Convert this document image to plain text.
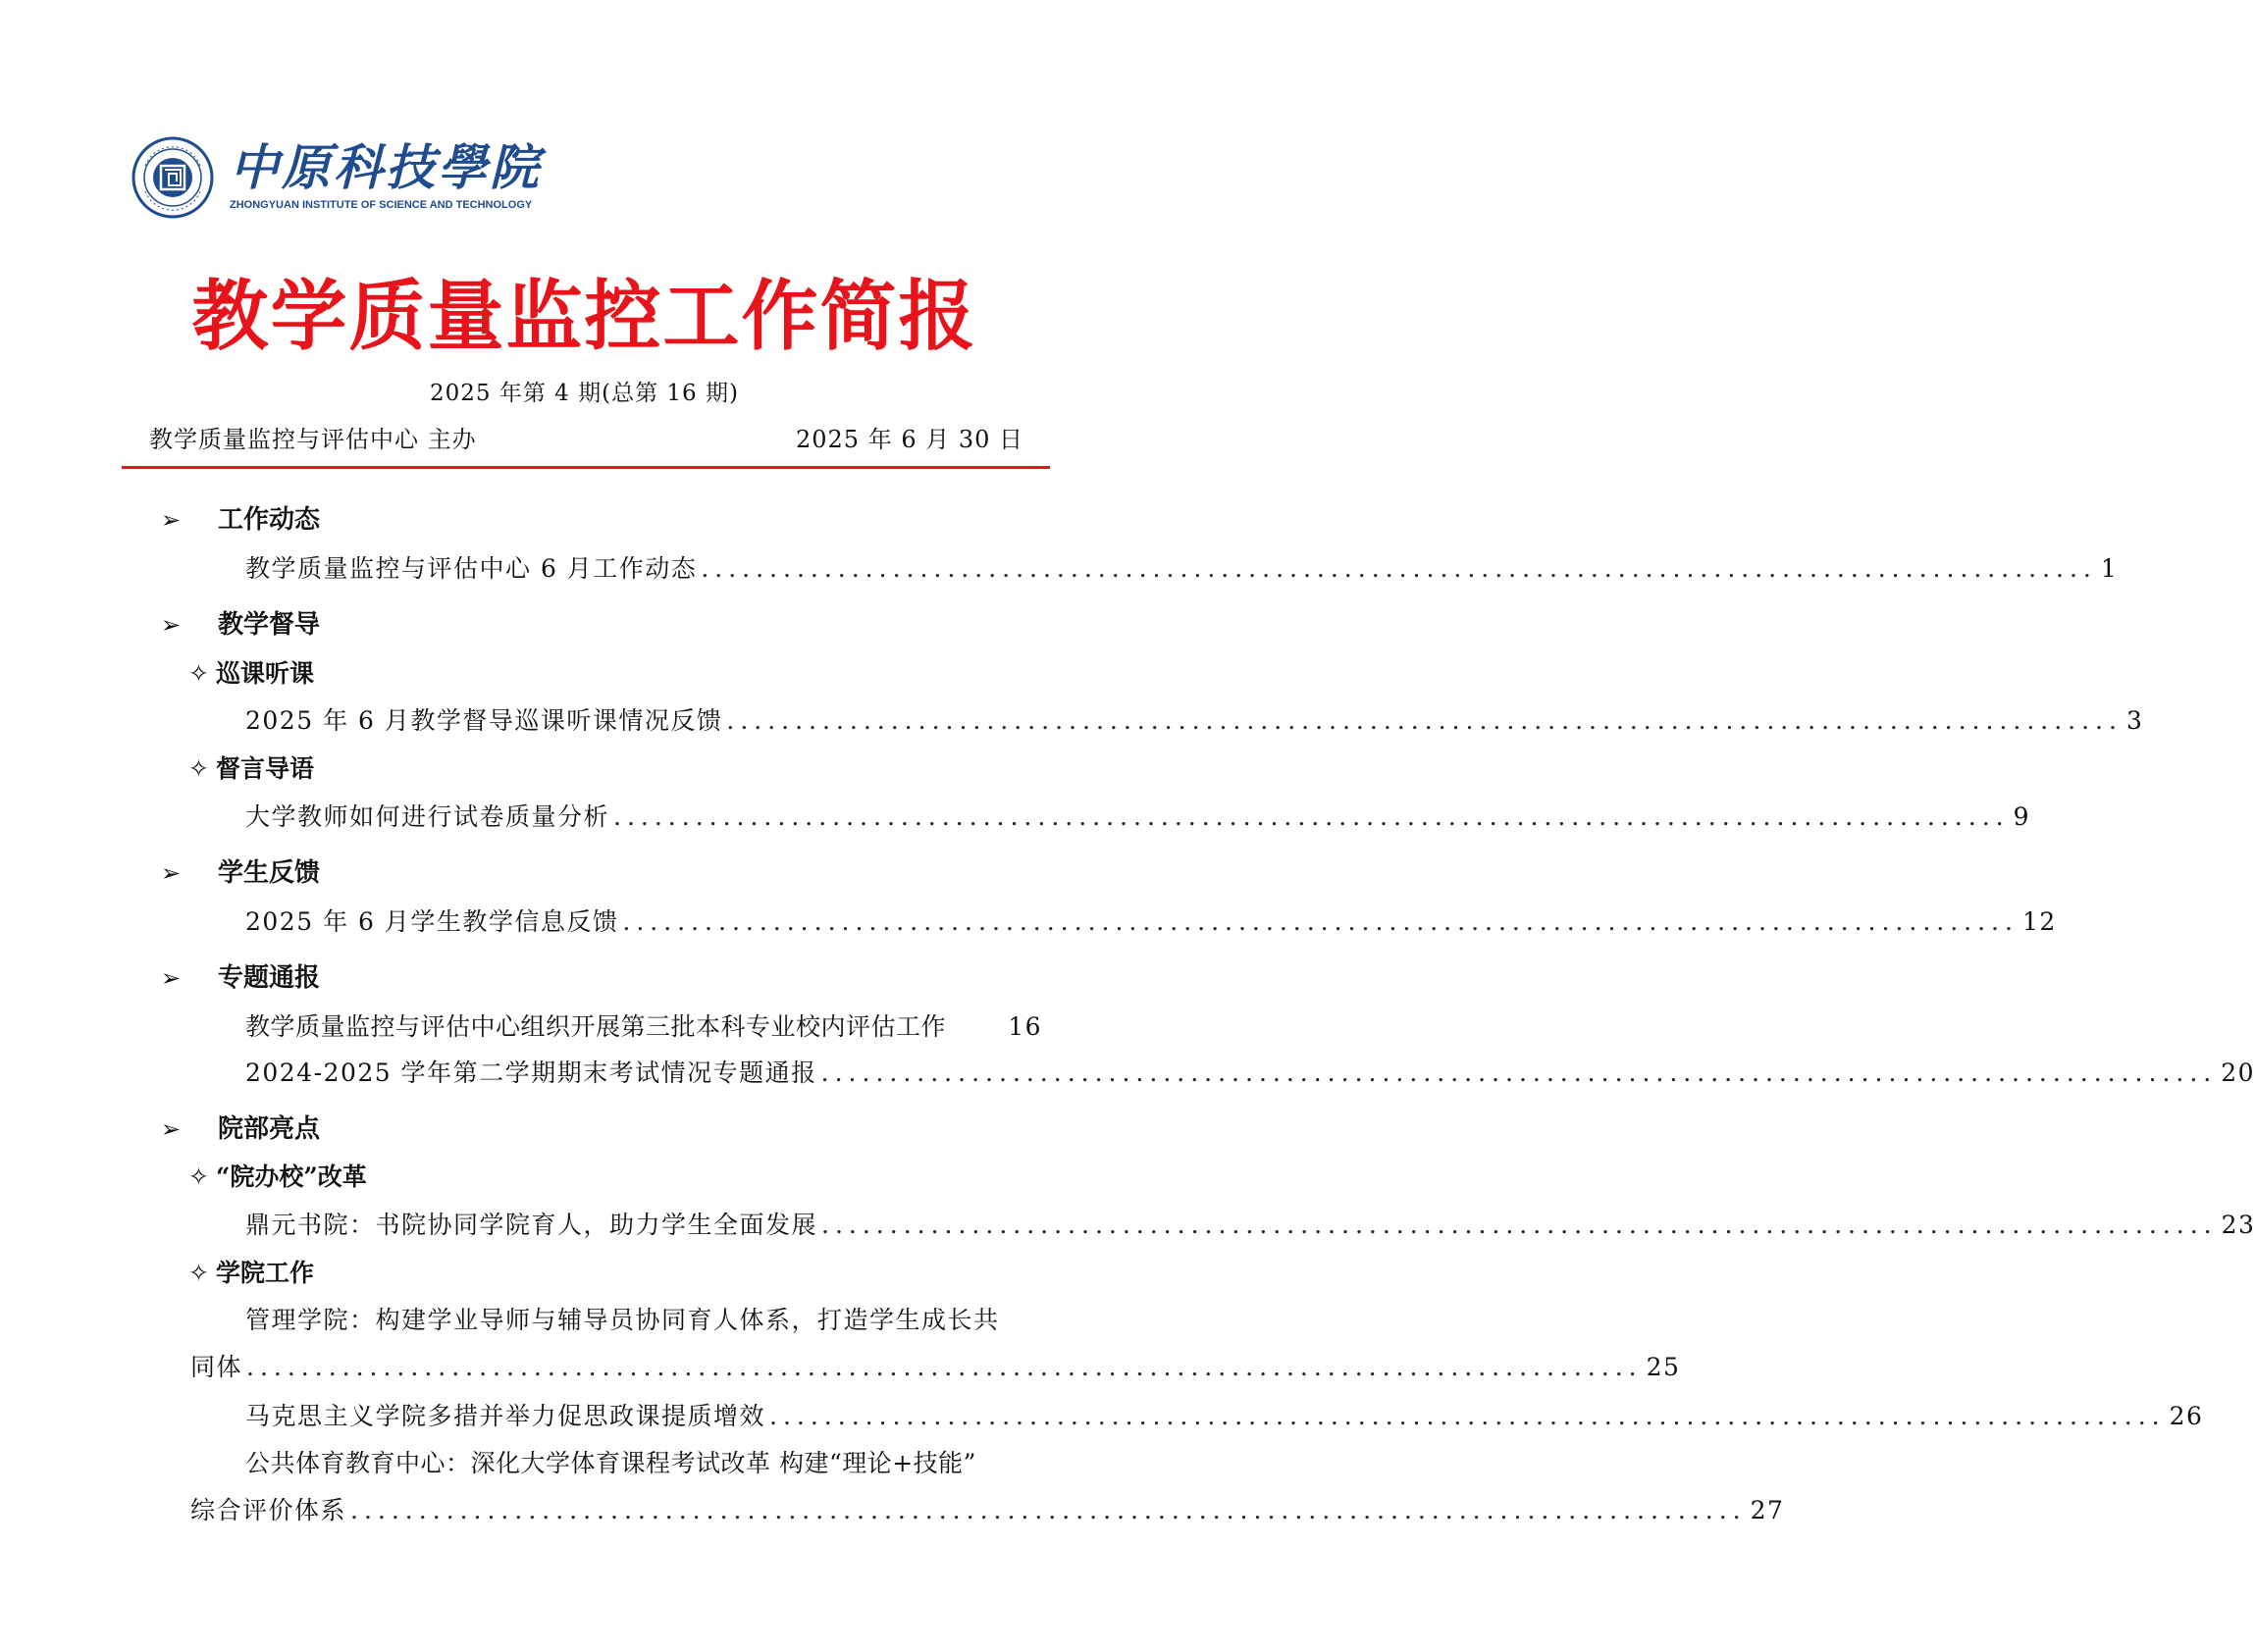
中原科技學院
ZHONGYUAN INSTITUTE OF SCIENCE AND TECHNOLOGY
教学质量监控工作简报
2025 年第 4 期(总第 16 期)
教学质量监控与评估中心 主办	2025 年 6 月 30 日
➢ 工作动态
教学质量监控与评估中心 6 月工作动态 ...................................................................................................... 1
➢ 教学督导
✧ 巡课听课
2025 年 6 月教学督导巡课听课情况反馈 ...................................................................................................... 3
✧ 督言导语
大学教师如何进行试卷质量分析 ...................................................................................................... 9
➢ 学生反馈
2025 年 6 月学生教学信息反馈 ...................................................................................................... 12
➢ 专题通报
教学质量监控与评估中心组织开展第三批本科专业校内评估工作	16
2024-2025 学年第二学期期末考试情况专题通报 ...................................................................................................... 20
➢ 院部亮点
✧ “院办校”改革
鼎元书院：书院协同学院育人，助力学生全面发展 ...................................................................................................... 23
✧ 学院工作
管理学院：构建学业导师与辅导员协同育人体系，打造学生成长共
同体 ...................................................................................................... 25
马克思主义学院多措并举力促思政课提质增效 ...................................................................................................... 26
公共体育教育中心：深化大学体育课程考试改革 构建“理论+技能”
综合评价体系 ...................................................................................................... 27
